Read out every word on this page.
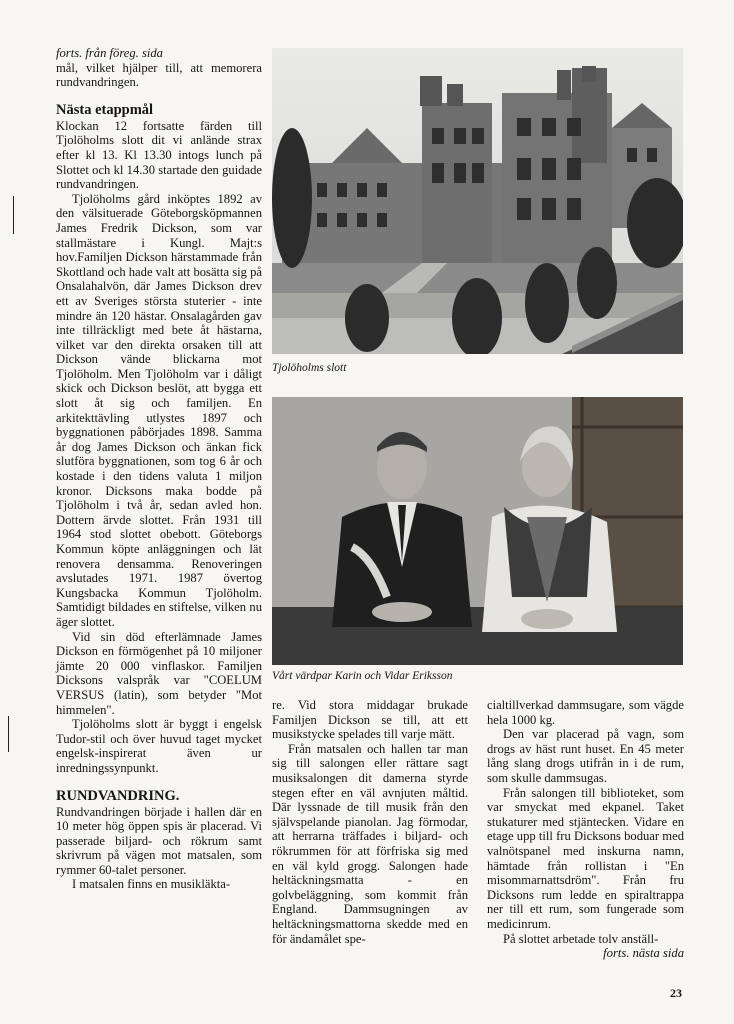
forts. från föreg. sida

mål, vilket hjälper till, att memorera rundvandringen.

Nästa etappmål

Klockan 12 fortsatte färden till Tjolöholms slott dit vi anlände strax efter kl 13. Kl 13.30 intogs lunch på Slottet och kl 14.30 startade den guidade rundvandringen.

Tjolöholms gård inköptes 1892 av den välsituerade Göteborgsköpmannen James Fredrik Dickson, som var stallmästare i Kungl. Majt:s hov.Familjen Dickson härstammade från Skottland och hade valt att bosätta sig på Onsalahalvön, där James Dickson drev ett av Sveriges största stuterier - inte mindre än 120 hästar. Onsalagården gav inte tillräckligt med bete åt hästarna, vilket var den direkta orsaken till att Dickson vände blickarna mot Tjolöholm. Men Tjolöholm var i dåligt skick och Dickson beslöt, att bygga ett slott åt sig och familjen. En arkitekttävling utlystes 1897 och byggnationen påbörjades 1898. Samma år dog James Dickson och änkan fick slutföra byggnationen, som tog 6 år och kostade i den tidens valuta 1 miljon kronor. Dicksons maka bodde på Tjolöholm i två år, sedan avled hon. Dottern ärvde slottet. Från 1931 till 1964 stod slottet obebott. Göteborgs Kommun köpte anläggningen och lät renovera densamma. Renoveringen avslutades 1971. 1987 övertog Kungsbacka Kommun Tjolöholm. Samtidigt bildades en stiftelse, vilken nu äger slottet.

Vid sin död efterlämnade James Dickson en förmögenhet på 10 miljoner jämte 20 000 vinflaskor. Familjen Dicksons valspråk var "COELUM VERSUS (latin), som betyder "Mot himmelen".

Tjolöholms slott är byggt i engelsk Tudor-stil och över huvud taget mycket engelsk-inspirerat även ur inredningssynpunkt.

RUNDVANDRING.

Rundvandringen började i hallen där en 10 meter hög öppen spis är placerad. Vi passerade biljard- och rökrum samt skrivrum på vägen mot matsalen, som rymmer 60-talet personer.

I matsalen finns en musikläkta-

Tjolöholms slott
Vårt värdpar Karin och Vidar Eriksson

re. Vid stora middagar brukade Familjen Dickson se till, att ett musikstycke spelades till varje mätt.

Från matsalen och hallen tar man sig till salongen eller rättare sagt musiksalongen dit damerna styrde stegen efter en väl avnjuten måltid. Där lyssnade de till musik från den självspelande pianolan. Jag förmodar, att herrarna träffades i biljard- och rökrummen för att förfriska sig med en väl kyld grogg. Salongen hade heltäckningsmatta - en golvbeläggning, som kommit från England. Dammsugningen av heltäckningsmattorna skedde med en för ändamålet spe-

cialtillverkad dammsugare, som vägde hela 1000 kg.

Den var placerad på vagn, som drogs av häst runt huset. En 45 meter lång slang drogs utifrån in i de rum, som skulle dammsugas.

Från salongen till biblioteket, som var smyckat med ekpanel. Taket stukaturer med stjäntecken. Vidare en etage upp till fru Dicksons boduar med valnötspanel med inskurna namn, hämtade från rollistan i "En misommarnattsdröm". Från fru Dicksons rum ledde en spiraltrappa ner till ett rum, som fungerade som medicinrum.

På slottet arbetade tolv anställ-

forts. nästa sida

23
